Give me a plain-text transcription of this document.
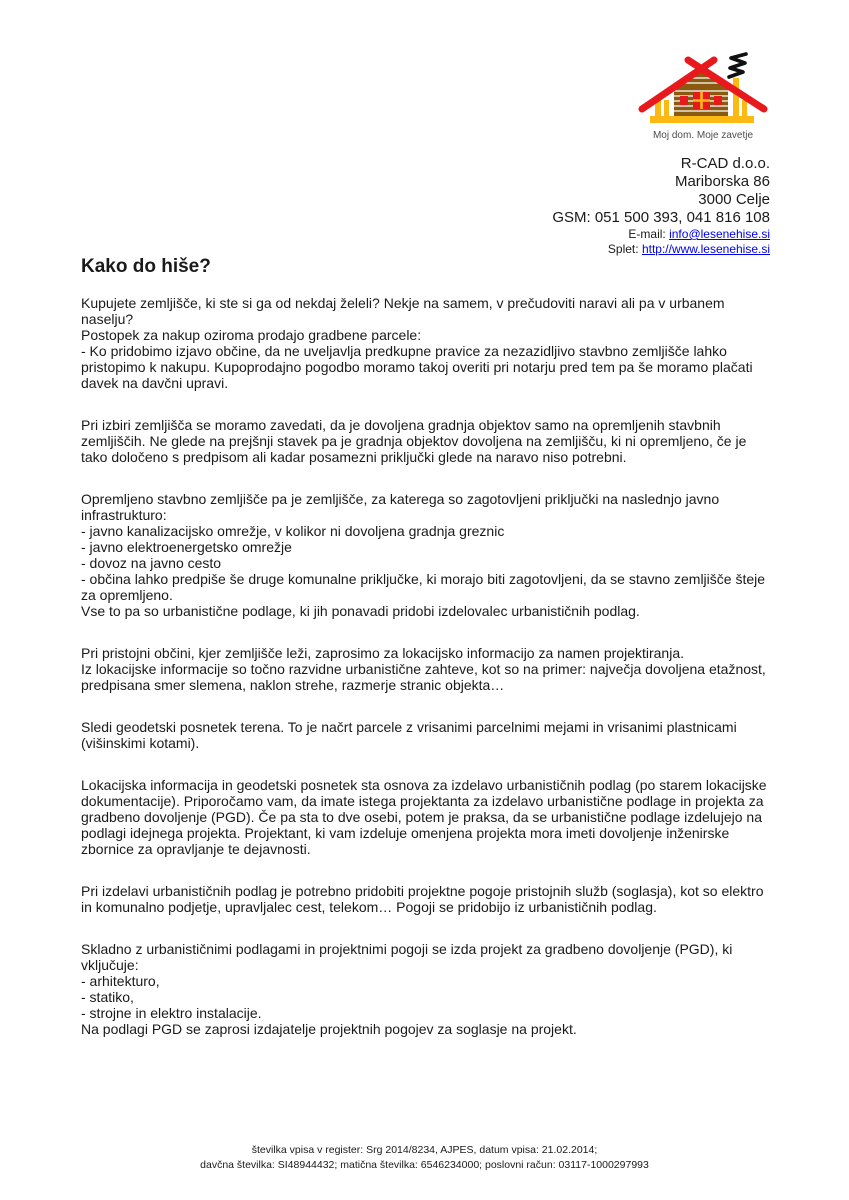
Moj dom. Moje zavetje
R-CAD d.o.o.
Mariborska 86
3000 Celje
GSM: 051 500 393, 041 816 108
E-mail: info@lesenehise.si
Splet: http://www.lesenehise.si
Kako do hiše?
Kupujete zemljišče, ki ste si ga od nekdaj želeli? Nekje na samem, v prečudoviti naravi ali pa v urbanem naselju?
Postopek za nakup oziroma prodajo gradbene parcele:
- Ko pridobimo izjavo občine, da ne uveljavlja predkupne pravice za nezazidljivo stavbno zemljišče lahko pristopimo k nakupu. Kupoprodajno pogodbo moramo takoj overiti pri notarju pred tem pa še moramo plačati davek na davčni upravi.
Pri izbiri zemljišča se moramo zavedati, da je dovoljena gradnja objektov samo na opremljenih stavbnih zemljiščih. Ne glede na prejšnji stavek pa je gradnja objektov dovoljena na zemljišču, ki ni opremljeno, če je tako določeno s predpisom ali kadar posamezni priključki glede na naravo niso potrebni.
Opremljeno stavbno zemljišče pa je zemljišče, za katerega so zagotovljeni priključki na naslednjo javno infrastrukturo:
- javno kanalizacijsko omrežje, v kolikor ni dovoljena gradnja greznic
- javno elektroenergetsko omrežje
- dovoz na javno cesto
- občina lahko predpiše še druge komunalne priključke, ki morajo biti zagotovljeni, da se stavno zemljišče šteje za opremljeno.
Vse to pa so urbanistične podlage, ki jih ponavadi pridobi izdelovalec urbanističnih podlag.
Pri pristojni občini, kjer zemljišče leži, zaprosimo za lokacijsko informacijo za namen projektiranja.
Iz lokacijske informacije so točno razvidne urbanistične zahteve, kot so na primer: največja dovoljena etažnost, predpisana smer slemena, naklon strehe, razmerje stranic objekta…
Sledi geodetski posnetek terena. To je načrt parcele z vrisanimi parcelnimi mejami in vrisanimi plastnicami (višinskimi kotami).
Lokacijska informacija in geodetski posnetek sta osnova za izdelavo urbanističnih podlag (po starem lokacijske dokumentacije). Priporočamo vam, da imate istega projektanta za izdelavo urbanistične podlage in projekta za gradbeno dovoljenje (PGD). Če pa sta to dve osebi, potem je praksa, da se urbanistične podlage izdelujejo na podlagi idejnega projekta. Projektant, ki vam izdeluje omenjena projekta mora imeti dovoljenje inženirske zbornice za opravljanje te dejavnosti.
Pri izdelavi urbanističnih podlag je potrebno pridobiti projektne pogoje pristojnih služb (soglasja), kot so elektro in komunalno podjetje, upravljalec cest, telekom… Pogoji se pridobijo iz urbanističnih podlag.
Skladno z urbanističnimi podlagami in projektnimi pogoji se izda projekt za gradbeno dovoljenje (PGD), ki vključuje:
- arhitekturo,
- statiko,
- strojne in elektro instalacije.
Na podlagi PGD se zaprosi izdajatelje projektnih pogojev za soglasje na projekt.
številka vpisa v register: Srg 2014/8234, AJPES, datum vpisa: 21.02.2014;
davčna številka: SI48944432; matična številka: 6546234000; poslovni račun: 03117-1000297993
